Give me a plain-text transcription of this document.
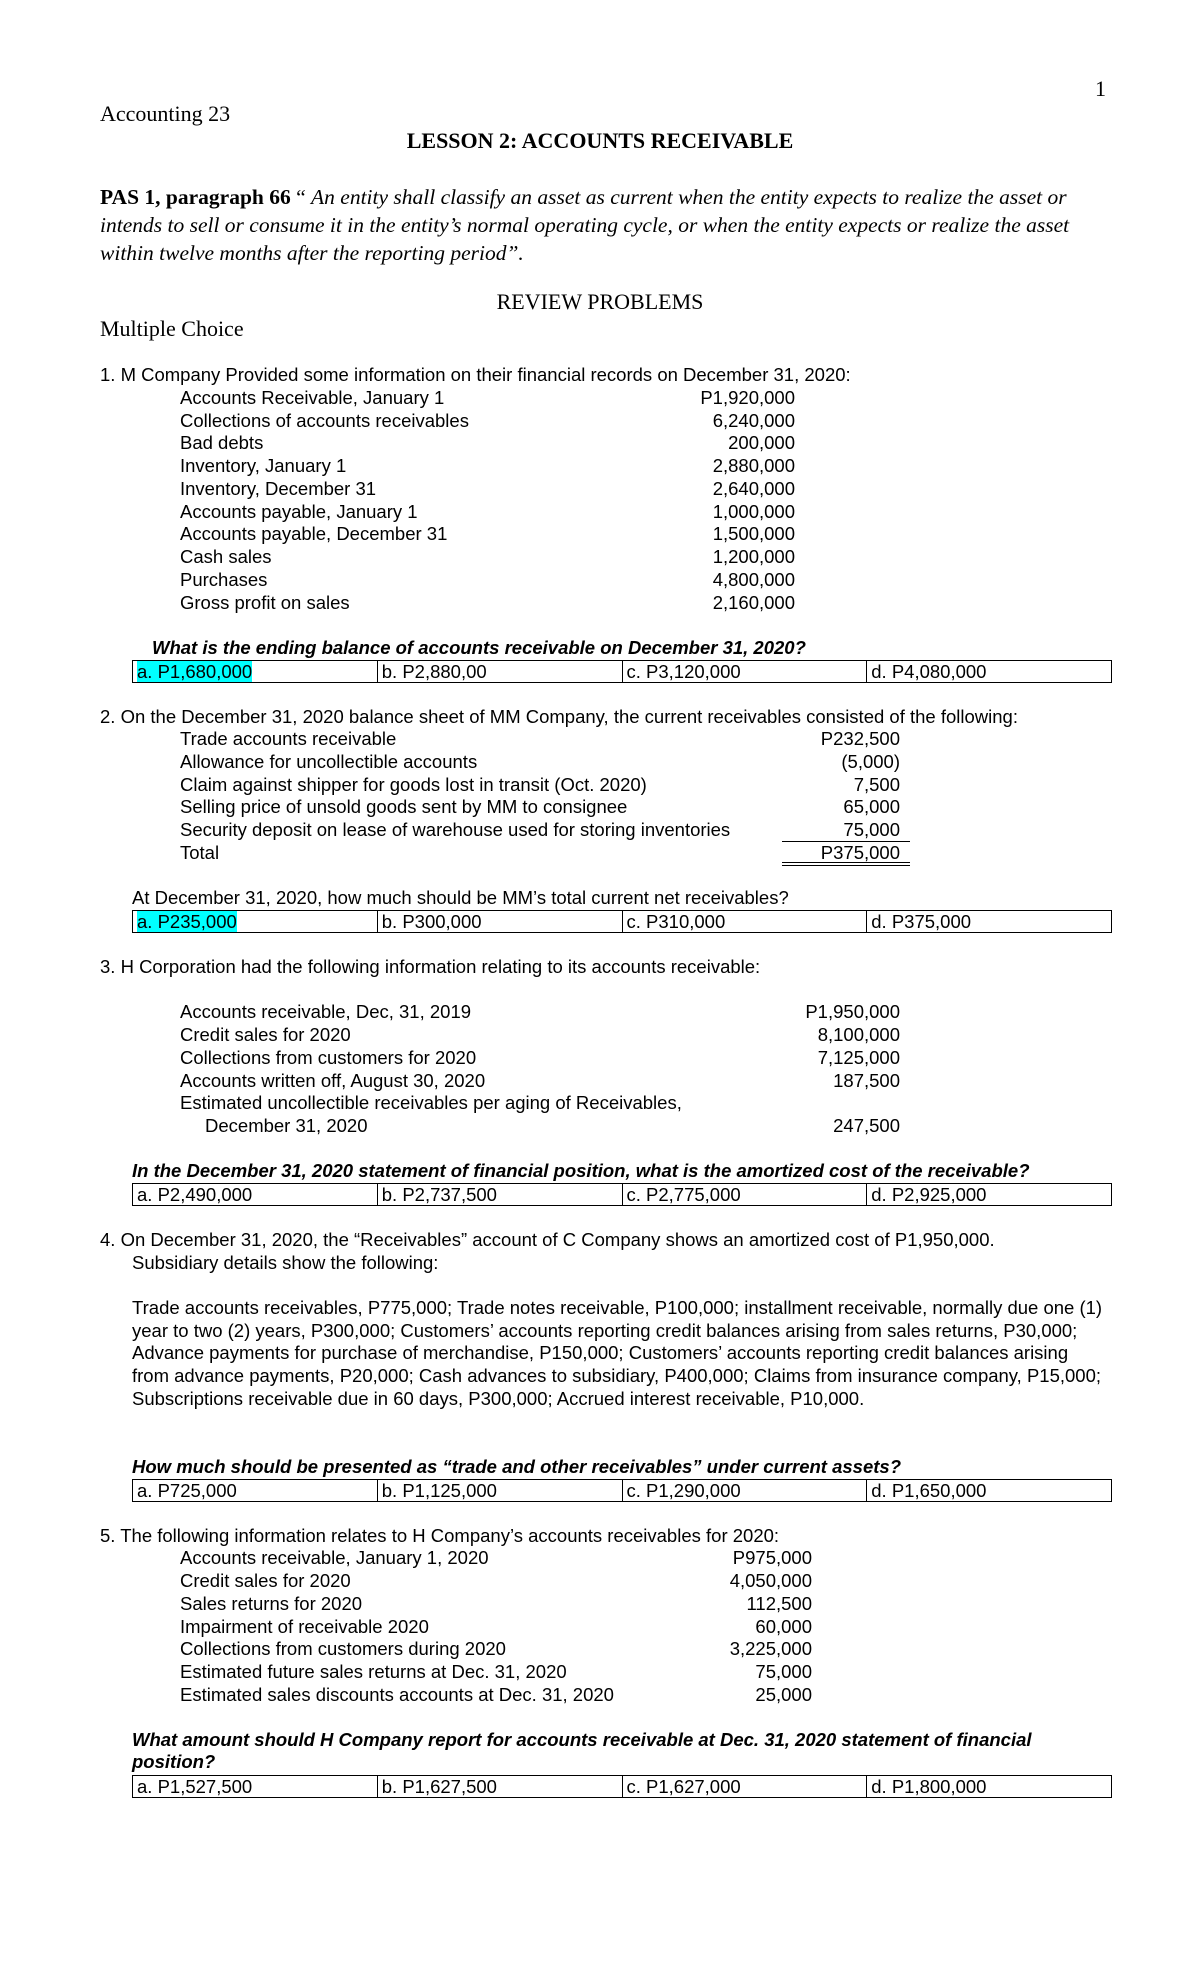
1
Accounting 23
LESSON 2: ACCOUNTS RECEIVABLE
PAS 1, paragraph 66 “ An entity shall classify an asset as current when the entity expects to realize the asset or intends to sell or consume it in the entity’s normal operating cycle, or when the entity expects or realize the asset within twelve months after the reporting period”.
REVIEW PROBLEMS
Multiple Choice
1. M Company Provided some information on their financial records on December 31, 2020:
Accounts Receivable, January 1	P1,920,000
Collections of accounts receivables	6,240,000
Bad debts	200,000
Inventory, January 1	2,880,000
Inventory, December 31	2,640,000
Accounts payable, January 1	1,000,000
Accounts payable, December 31	1,500,000
Cash sales	1,200,000
Purchases	4,800,000
Gross profit on sales	2,160,000
What is the ending balance of accounts receivable on December 31, 2020?
a. P1,680,000	b. P2,880,00	c. P3,120,000	d. P4,080,000
2. On the December 31, 2020 balance sheet of MM Company, the current receivables consisted of the following:
Trade accounts receivable	P232,500
Allowance for uncollectible accounts	(5,000)
Claim against shipper for goods lost in transit (Oct. 2020)	7,500
Selling price of unsold goods sent by MM to consignee	65,000
Security deposit on lease of warehouse used for storing inventories	75,000
Total	P375,000
At December 31, 2020, how much should be MM’s total current net receivables?
a. P235,000	b. P300,000	c. P310,000	d. P375,000
3. H Corporation had the following information relating to its accounts receivable:
Accounts receivable, Dec, 31, 2019	P1,950,000
Credit sales for 2020	8,100,000
Collections from customers for 2020	7,125,000
Accounts written off, August 30, 2020	187,500
Estimated uncollectible receivables per aging of Receivables,
December 31, 2020	247,500
In the December 31, 2020 statement of financial position, what is the amortized cost of the receivable?
a. P2,490,000	b. P2,737,500	c. P2,775,000	d. P2,925,000
4. On December 31, 2020, the “Receivables” account of C Company shows an amortized cost of P1,950,000.
Subsidiary details show the following:
Trade accounts receivables, P775,000; Trade notes receivable, P100,000; installment receivable, normally due one (1) year to two (2) years, P300,000; Customers’ accounts reporting credit balances arising from sales returns, P30,000; Advance payments for purchase of merchandise, P150,000; Customers’ accounts reporting credit balances arising from advance payments, P20,000; Cash advances to subsidiary, P400,000; Claims from insurance company, P15,000; Subscriptions receivable due in 60 days, P300,000; Accrued interest receivable, P10,000.
How much should be presented as “trade and other receivables” under current assets?
a. P725,000	b. P1,125,000	c. P1,290,000	d. P1,650,000
5. The following information relates to H Company’s accounts receivables for 2020:
Accounts receivable, January 1, 2020	P975,000
Credit sales for 2020	4,050,000
Sales returns for 2020	112,500
Impairment of receivable 2020	60,000
Collections from customers during 2020	3,225,000
Estimated future sales returns at Dec. 31, 2020	75,000
Estimated sales discounts accounts at Dec. 31, 2020	25,000
What amount should H Company report for accounts receivable at Dec. 31, 2020 statement of financial position?
a. P1,527,500	b. P1,627,500	c. P1,627,000	d. P1,800,000
